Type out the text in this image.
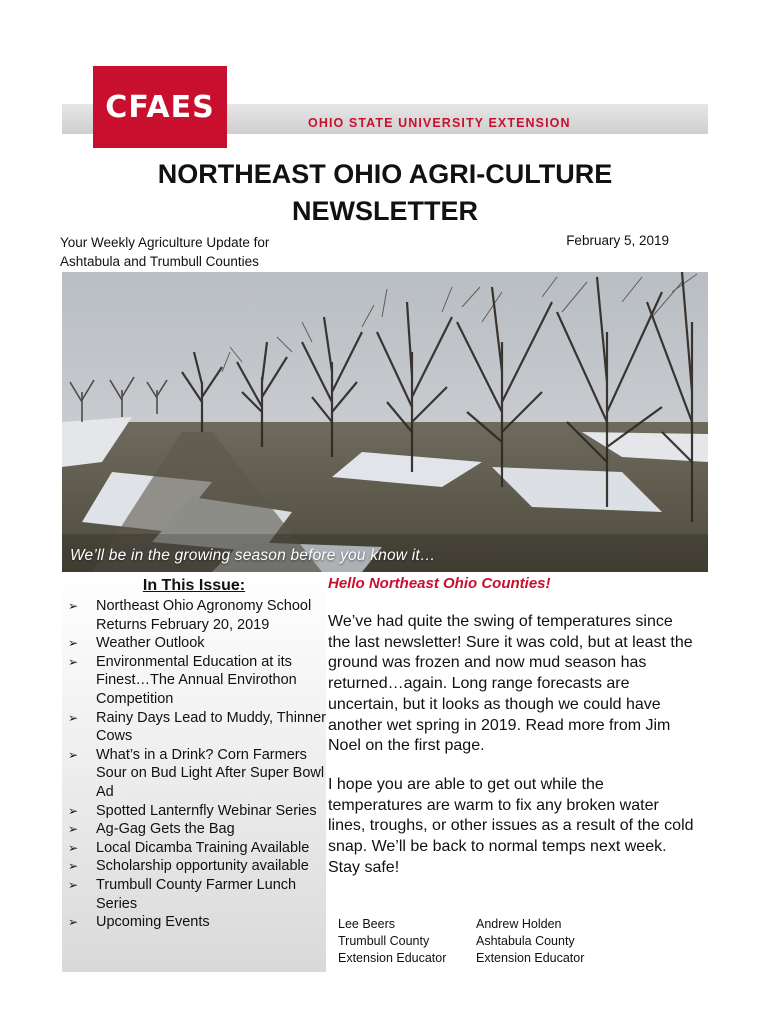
CFAES	OHIO STATE UNIVERSITY EXTENSION
NORTHEAST OHIO AGRI-CULTURE
NEWSLETTER
Your Weekly Agriculture Update for
Ashtabula and Trumbull Counties
February 5, 2019
We’ll be in the growing season before you know it…
In This Issue:
➢ Northeast Ohio Agronomy School Returns February 20, 2019
➢ Weather Outlook
➢ Environmental Education at its Finest…The Annual Envirothon Competition
➢ Rainy Days Lead to Muddy, Thinner Cows
➢ What’s in a Drink? Corn Farmers Sour on Bud Light After Super Bowl Ad
➢ Spotted Lanternfly Webinar Series
➢ Ag-Gag Gets the Bag
➢ Local Dicamba Training Available
➢ Scholarship opportunity available
➢ Trumbull County Farmer Lunch Series
➢ Upcoming Events
Hello Northeast Ohio Counties!

We’ve had quite the swing of temperatures since the last newsletter! Sure it was cold, but at least the ground was frozen and now mud season has returned…again. Long range forecasts are uncertain, but it looks as though we could have another wet spring in 2019. Read more from Jim Noel on the first page.

I hope you are able to get out while the temperatures are warm to fix any broken water lines, troughs, or other issues as a result of the cold snap. We’ll be back to normal temps next week. Stay safe!

Lee Beers
Trumbull County
Extension Educator
Andrew Holden
Ashtabula County
Extension Educator
